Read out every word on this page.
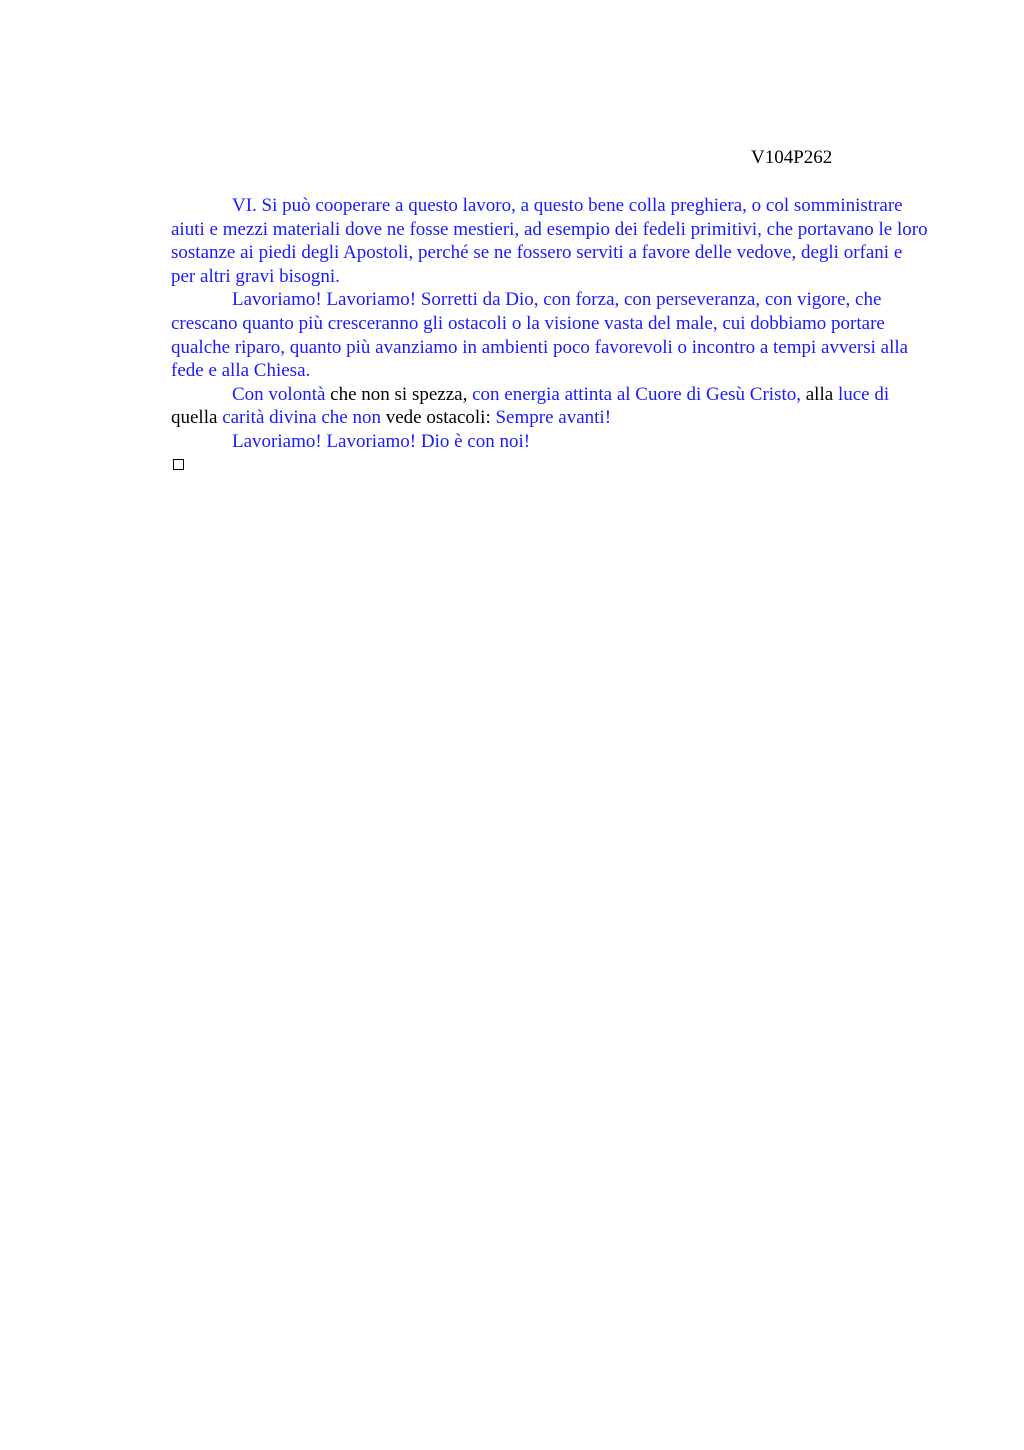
V104P262

VI. Si può cooperare a questo lavoro, a questo bene colla preghiera, o col somministrare aiuti e mezzi materiali dove ne fosse mestieri, ad esempio dei fedeli primitivi, che portavano le loro sostanze ai piedi degli Apostoli, perché se ne fossero serviti a favore delle vedove, degli orfani e per altri gravi bisogni.

Lavoriamo! Lavoriamo! Sorretti da Dio, con forza, con perseveranza, con vigore, che crescano quanto più cresceranno gli ostacoli o la visione vasta del male, cui dobbiamo portare qualche riparo, quanto più avanziamo in ambienti poco favorevoli o incontro a tempi avversi alla fede e alla Chiesa.

Con volontà che non si spezza, con energia attinta al Cuore di Gesù Cristo, alla luce di quella carità divina che non vede ostacoli: Sempre avanti!

Lavoriamo! Lavoriamo! Dio è con noi!
